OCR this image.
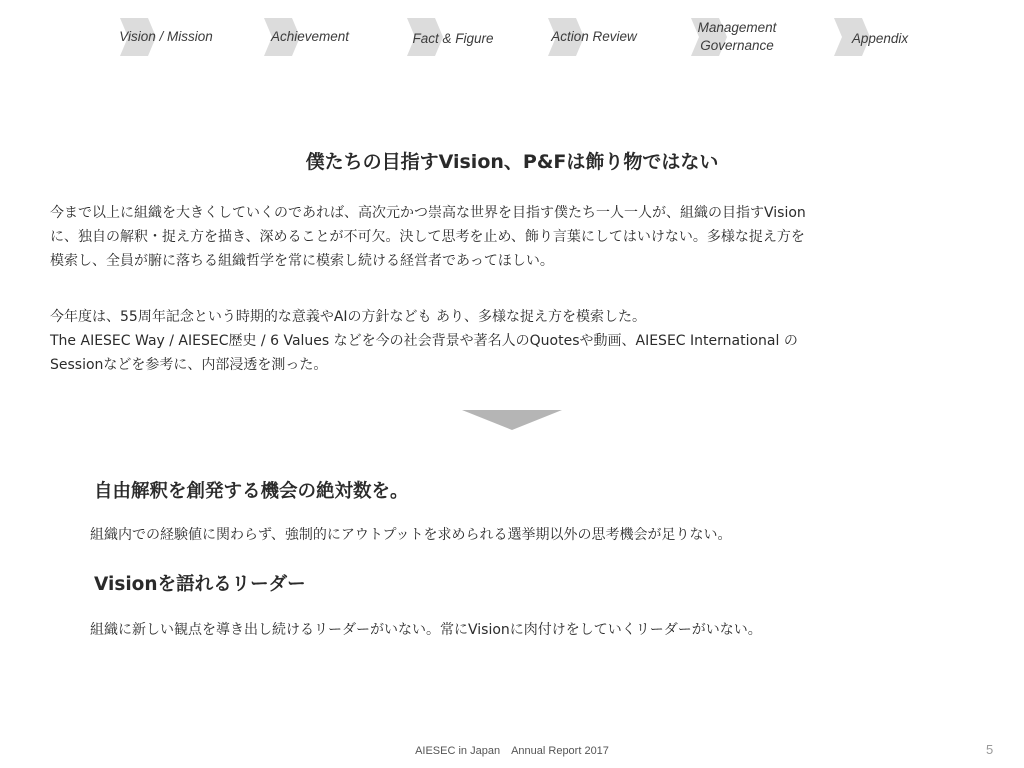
Vision / Mission	Achievement	Fact & Figure	Action Review
Management
Governance	Appendix
僕たちの目指すVision、P&Fは飾り物ではない

今まで以上に組織を大きくしていくのであれば、高次元かつ崇高な世界を目指す僕たち一人一人が、組織の目指すVision
に、独自の解釈・捉え方を描き、深めることが不可欠。決して思考を止め、飾り言葉にしてはいけない。多様な捉え方を
模索し、全員が腑に落ちる組織哲学を常に模索し続ける経営者であってほしい。

今年度は、55周年記念という時期的な意義やAIの方針なども あり、多様な捉え方を模索した。
The AIESEC Way / AIESEC歴史 / 6 Values などを今の社会背景や著名人のQuotesや動画、AIESEC International の
Sessionなどを参考に、内部浸透を測った。

自由解釈を創発する機会の絶対数を。
組織内での経験値に関わらず、強制的にアウトプットを求められる選挙期以外の思考機会が足りない。
Visionを語れるリーダー
組織に新しい観点を導き出し続けるリーダーがいない。常にVisionに肉付けをしていくリーダーがいない。
AIESEC in Japan　Annual Report 2017	5
